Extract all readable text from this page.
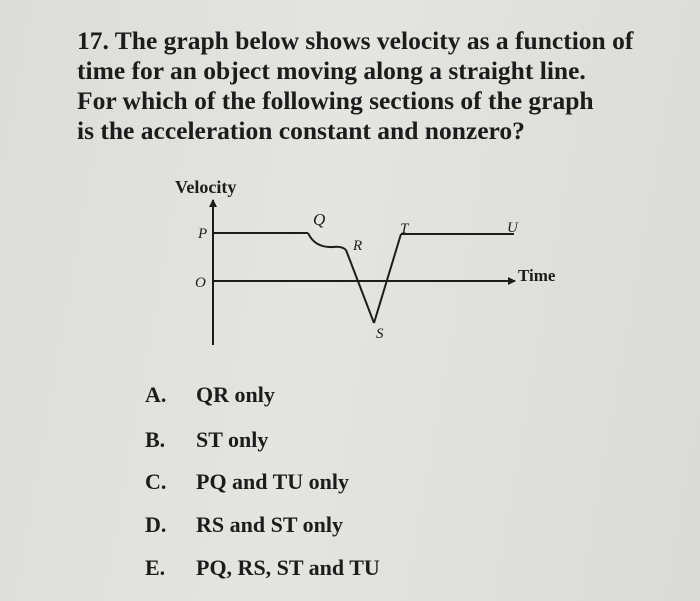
17. The graph below shows velocity as a function of
time for an object moving along a straight line.
For which of the following sections of the graph
is the acceleration constant and nonzero?
Velocity
Time
O
P
Q
R
S
T	U
A. QR only
B. ST only
C. PQ and TU only
D. RS and ST only
E. PQ, RS, ST and TU
